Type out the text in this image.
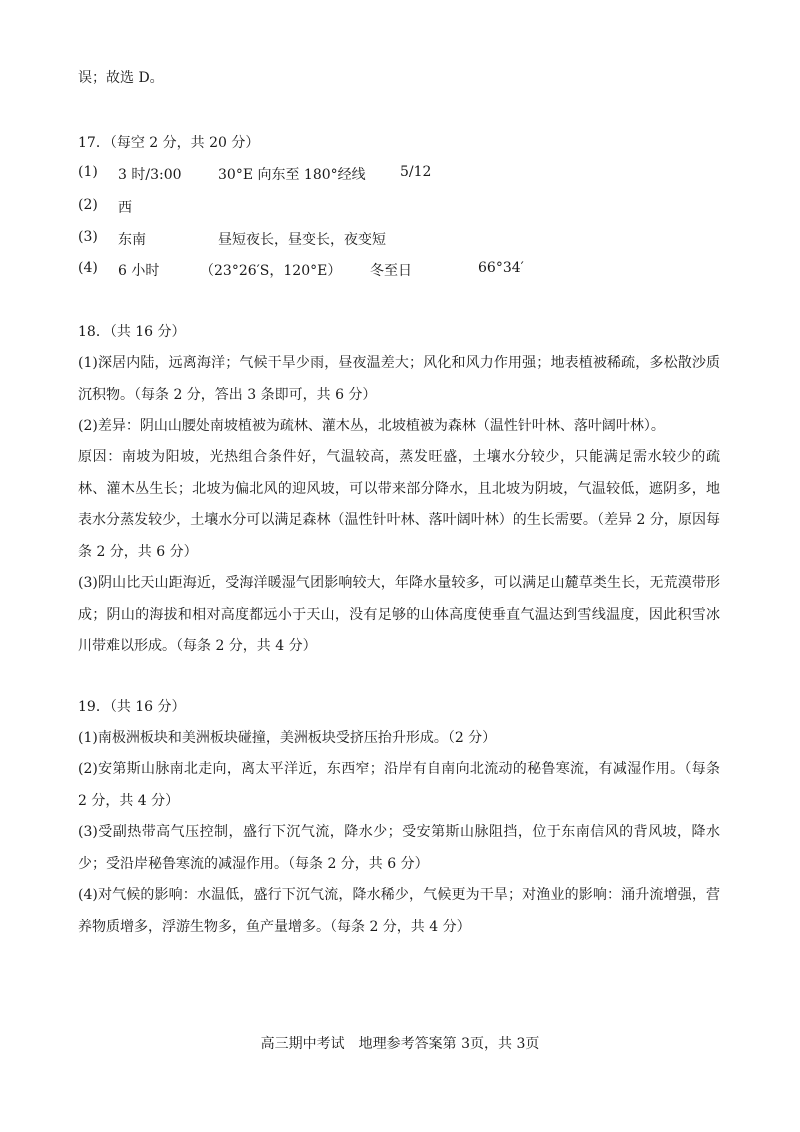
误；故选 D。
17．（每空 2 分，共 20 分）
(1) 3 时/3:00	30°E 向东至 180°经线 5/12
(2) 西
(3) 东南	昼短夜长，昼变长，夜变短
(4) 6 小时	（23°26′S，120°E） 冬至日	66°34′
18．（共 16 分）
(1)深居内陆，远离海洋；气候干旱少雨，昼夜温差大；风化和风力作用强；地表植被稀疏，多松散沙质沉积物。（每条 2 分，答出 3 条即可，共 6 分）
(2)差异：阴山山腰处南坡植被为疏林、灌木丛，北坡植被为森林（温性针叶林、落叶阔叶林）。
原因：南坡为阳坡，光热组合条件好，气温较高，蒸发旺盛，土壤水分较少，只能满足需水较少的疏林、灌木丛生长；北坡为偏北风的迎风坡，可以带来部分降水，且北坡为阴坡，气温较低，遮阴多，地表水分蒸发较少，土壤水分可以满足森林（温性针叶林、落叶阔叶林）的生长需要。（差异 2 分，原因每条 2 分，共 6 分）
(3)阴山比天山距海近，受海洋暖湿气团影响较大，年降水量较多，可以满足山麓草类生长，无荒漠带形成；阴山的海拔和相对高度都远小于天山，没有足够的山体高度使垂直气温达到雪线温度，因此积雪冰川带难以形成。（每条 2 分，共 4 分）
19．（共 16 分）
(1)南极洲板块和美洲板块碰撞，美洲板块受挤压抬升形成。（2 分）
(2)安第斯山脉南北走向，离太平洋近，东西窄；沿岸有自南向北流动的秘鲁寒流，有减湿作用。（每条 2 分，共 4 分）
(3)受副热带高气压控制，盛行下沉气流，降水少；受安第斯山脉阻挡，位于东南信风的背风坡，降水少；受沿岸秘鲁寒流的减湿作用。（每条 2 分，共 6 分）
(4)对气候的影响：水温低，盛行下沉气流，降水稀少，气候更为干旱；对渔业的影响：涌升流增强，营养物质增多，浮游生物多，鱼产量增多。（每条 2 分，共 4 分）
高三期中考试　地理参考答案第 3页，共 3页
